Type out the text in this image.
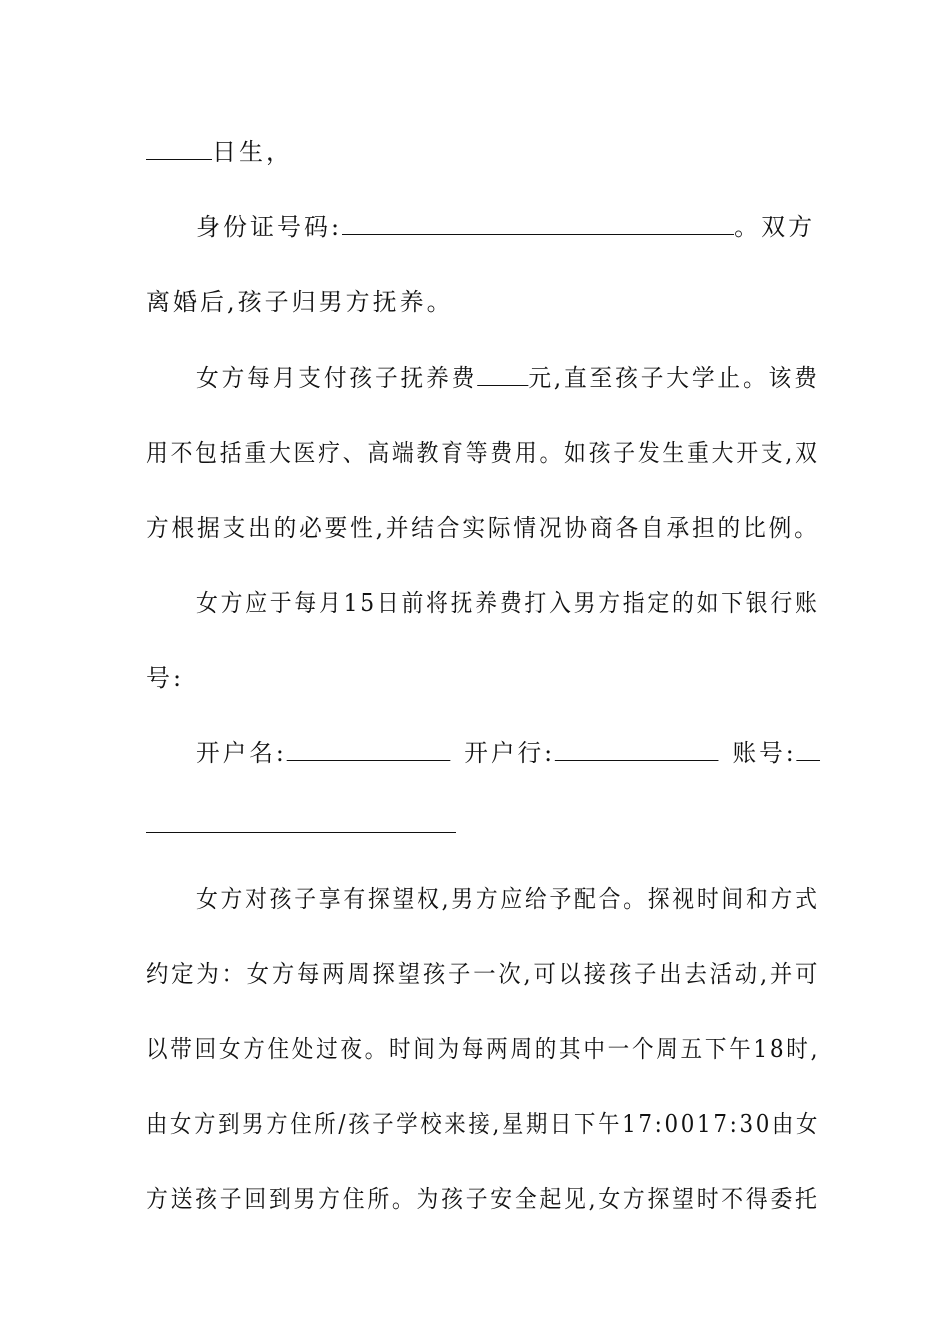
日生，
身份证号码:	。双方
离婚后,孩子归男方抚养。
女方每月支付孩子抚养费 元,直至孩子大学止。该费
用不包括重大医疗、高端教育等费用。如孩子发生重大开支,双
方根据支出的必要性,并结合实际情况协商各自承担的比例。
女方应于每月15日前将抚养费打入男方指定的如下银行账
号:
开户名:	开户行:	账号:
女方对孩子享有探望权,男方应给予配合。探视时间和方式
约定为：女方每两周探望孩子一次,可以接孩子出去活动,并可
以带回女方住处过夜。时间为每两周的其中一个周五下午18时,
由女方到男方住所/孩子学校来接,星期日下午17:0017:30由女
方送孩子回到男方住所。为孩子安全起见,女方探望时不得委托
